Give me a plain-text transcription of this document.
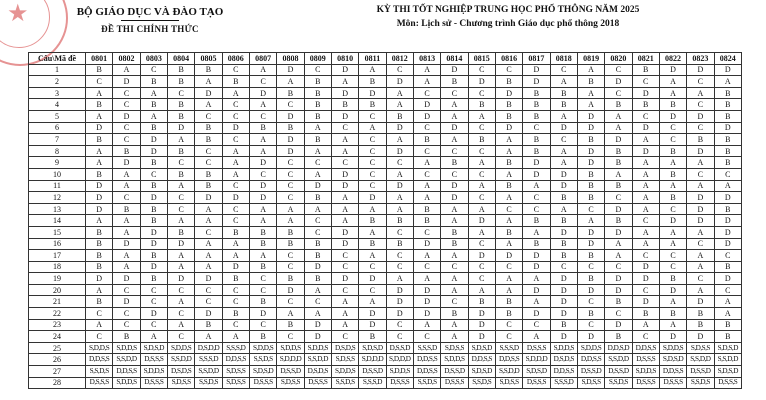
★	BỘ GIÁO DỤC VÀ ĐÀO TẠO
ĐỀ THI CHÍNH THỨC
KỲ THI TỐT NGHIỆP TRUNG HỌC PHỔ THÔNG NĂM 2025
Môn: Lịch sử - Chương trình Giáo dục phổ thông 2018
Câu\Mã đề	0801	0802	0803	0804	0805	0806	0807	0808	0809	0810	0811	0812	0813	0814	0815	0816	0817	0818	0819	0820	0821	0822	0823	0824
1	B	A	C	B	B	C	A	D	C	D	A	C	A	D	C	C	D	C	A	C	B	D	D	D
2	C	D	B	B	A	B	C	A	B	A	B	D	A	B	D	B	D	A	B	D	C	A	C	A
3	A	C	A	C	D	A	D	B	B	D	D	A	C	C	C	D	B	B	A	C	D	A	A	B
4	B	C	B	B	A	C	A	C	B	B	B	A	D	A	B	B	B	B	A	B	B	B	C	B
5	A	D	A	B	C	C	C	D	B	D	C	B	D	A	A	B	B	A	D	A	C	D	D	B
6	D	C	B	D	B	D	B	B	A	C	A	D	C	D	C	D	C	D	D	A	D	C	C	D
7	B	C	D	A	B	C	A	D	B	A	C	A	B	A	B	A	B	C	B	D	A	C	B	B
8	A	B	D	B	C	A	A	D	A	A	C	D	C	C	C	A	B	A	D	B	D	B	D	B
9	A	D	B	C	C	A	D	C	C	C	C	C	A	B	A	B	D	A	D	B	A	A	A	B
10	B	A	C	B	B	A	C	C	A	D	C	A	C	C	C	A	D	D	B	A	A	B	C	C
11	D	A	B	A	B	C	D	C	D	D	C	D	A	D	A	B	A	D	B	B	A	A	A	A
12	D	C	D	C	D	D	D	C	B	A	D	A	A	D	C	A	C	B	B	C	A	B	D	D
13	D	B	B	C	A	C	A	A	A	A	A	A	B	A	A	C	C	A	C	D	A	C	D	B
14	A	A	B	A	A	C	A	A	C	A	B	B	B	A	D	A	B	B	A	B	C	D	D	D
15	B	A	D	B	C	B	B	B	C	D	A	C	C	B	A	B	A	D	D	D	A	A	A	D
16	B	D	D	D	A	A	B	B	B	D	B	B	D	B	C	A	B	B	D	A	A	A	C	D
17	B	A	B	A	A	A	A	C	B	C	A	C	A	A	D	D	D	B	B	A	C	C	A	C
18	B	A	D	A	A	D	B	C	D	C	C	C	C	C	C	C	D	C	C	C	D	C	A	B
19	D	D	B	D	D	B	C	B	B	D	D	A	A	A	C	A	A	D	B	D	D	B	C	D
20	A	C	C	C	C	C	C	D	A	C	C	D	D	A	A	A	D	D	D	D	C	D	A	C
21	B	D	C	A	C	C	B	C	C	A	A	D	D	C	B	B	A	D	C	B	D	A	D	A
22	C	C	D	C	D	B	D	A	A	A	D	D	D	B	D	B	D	D	B	C	B	B	B	A
23	A	C	C	A	B	C	C	B	D	A	D	C	A	A	D	C	C	B	C	D	A	A	B	B
24	C	B	A	C	A	A	B	C	D	C	B	C	C	A	D	C	A	D	D	B	C	D	D	B
25	S,D,D,S	S,D,D,S	S,D,S,D	S,D,D,S	D,S,D,D	S,S,S,D	S,D,D,S	S,D,D,S	S,D,D,S	D,S,D,S	S,D,S,D	D,S,S,D	S,S,S,D	S,D,S,S	S,D,S,D	S,S,S,D	D,S,S,S	S,D,D,S	S,D,D,S	D,D,S,D	D,D,S,S	S,D,D,S	S,D,S,S	S,D,S,D
26	D,D,S,S	S,S,D,D	D,S,S,S	S,S,D,D	S,S,S,D	D,D,S,S	S,S,D,S	S,D,D,D	S,S,D,D	S,D,S,S	S,D,D,D	S,D,D,D	D,D,S,S	S,D,D,S	D,D,S,S	D,D,S,S	S,D,D,D	D,S,D,S	D,D,S,S	S,S,D,D	D,S,S,S	S,D,S,D	S,S,D,D	S,S,D,D
27	S,S,D,S	D,D,S,S	S,D,D,S	D,S,D,S	S,S,D,D	S,D,S,S	S,D,S,D	D,S,S,D	D,S,D,S	S,D,D,S	D,S,S,D	S,D,D,S	D,D,S,S	D,S,S,D	S,D,S,D	S,S,D,D	S,D,S,D	D,D,S,S	D,S,S,D	D,S,S,D	S,D,D,S	D,D,S,S	D,S,S,D	S,D,S,D
28	D,S,S,S	S,D,D,S	D,S,S,S	S,D,S,S	S,S,D,S	S,D,S,S	D,S,S,S	S,D,S,S	D,S,S,S	S,S,D,S	S,S,S,D	D,S,S,S	S,S,D,S	D,S,S,S	S,S,D,S	S,D,S,S	D,S,S,S	S,S,S,D	S,D,S,S	S,S,D,S	D,S,S,S	D,S,S,S	S,S,D,S	D,S,S,S
